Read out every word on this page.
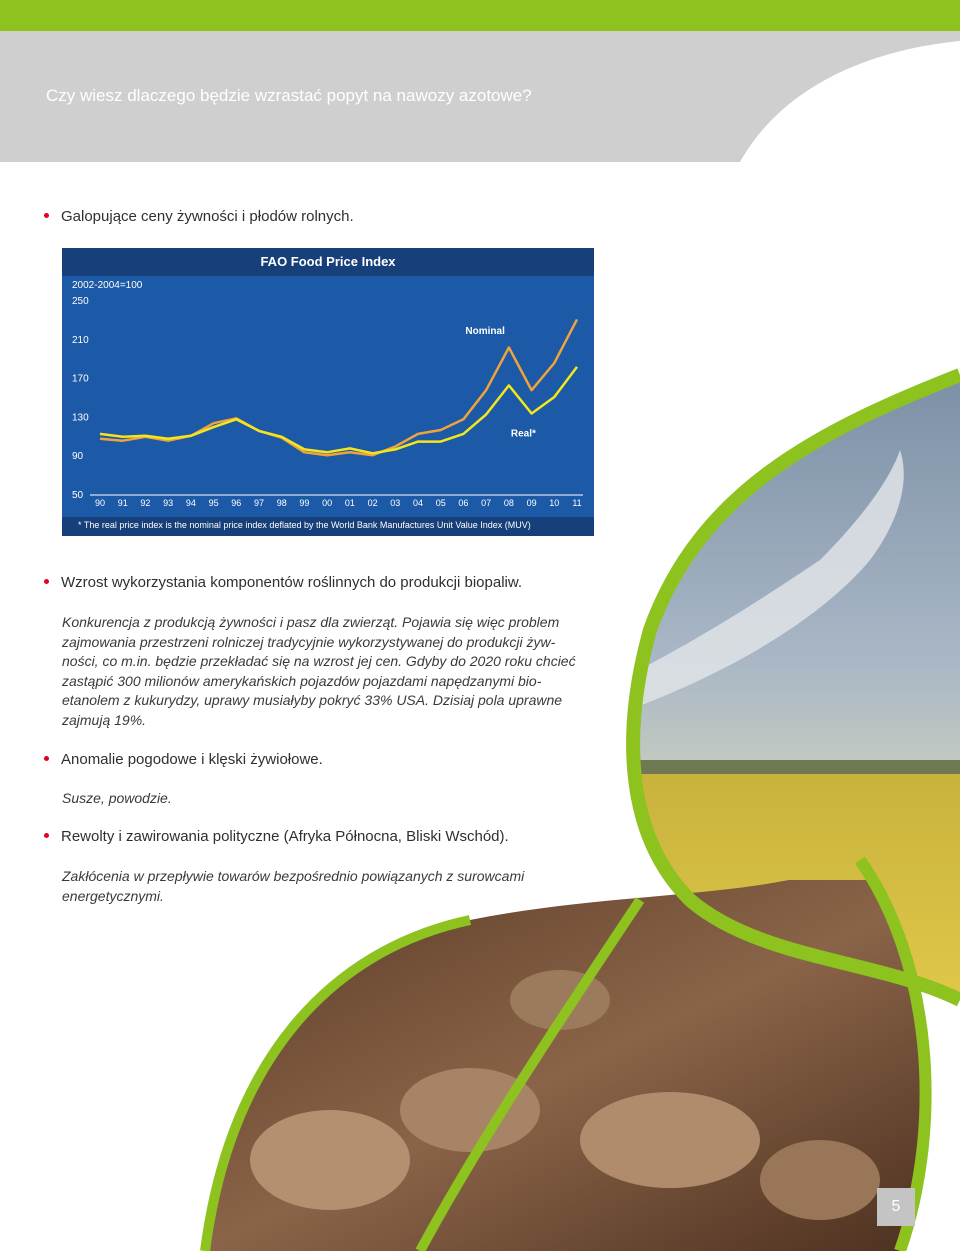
Czy wiesz dlaczego będzie wzrastać popyt na nawozy azotowe?
Galopujące ceny żywności i płodów rolnych.
FAO Food Price Index
2002-2004=100
50
90
130
170
210
250
90 91 92 93 94 95 96 97 98 99 00 01 02 03 04 05 06 07 08 09 10 11
Nominal
Real*
* The real price index is the nominal price index deflated by the World Bank Manufactures Unit Value Index (MUV)
Wzrost wykorzystania komponentów roślinnych do produkcji biopaliw.
Konkurencja z produkcją żywności i pasz dla zwierząt. Pojawia się więc problem
zajmowania przestrzeni rolniczej tradycyjnie wykorzystywanej do produkcji żyw-
ności, co m.in. będzie przekładać się na wzrost jej cen. Gdyby do 2020 roku chcieć
zastąpić 300 milionów amerykańskich pojazdów pojazdami napędzanymi bio-
etanolem z kukurydzy, uprawy musiałyby pokryć 33% USA. Dzisiaj pola uprawne
zajmują 19%.
Anomalie pogodowe i klęski żywiołowe.
Susze, powodzie.
Rewolty i zawirowania polityczne (Afryka Północna, Bliski Wschód).
Zakłócenia w przepływie towarów bezpośrednio powiązanych z surowcami
energetycznymi.
5
